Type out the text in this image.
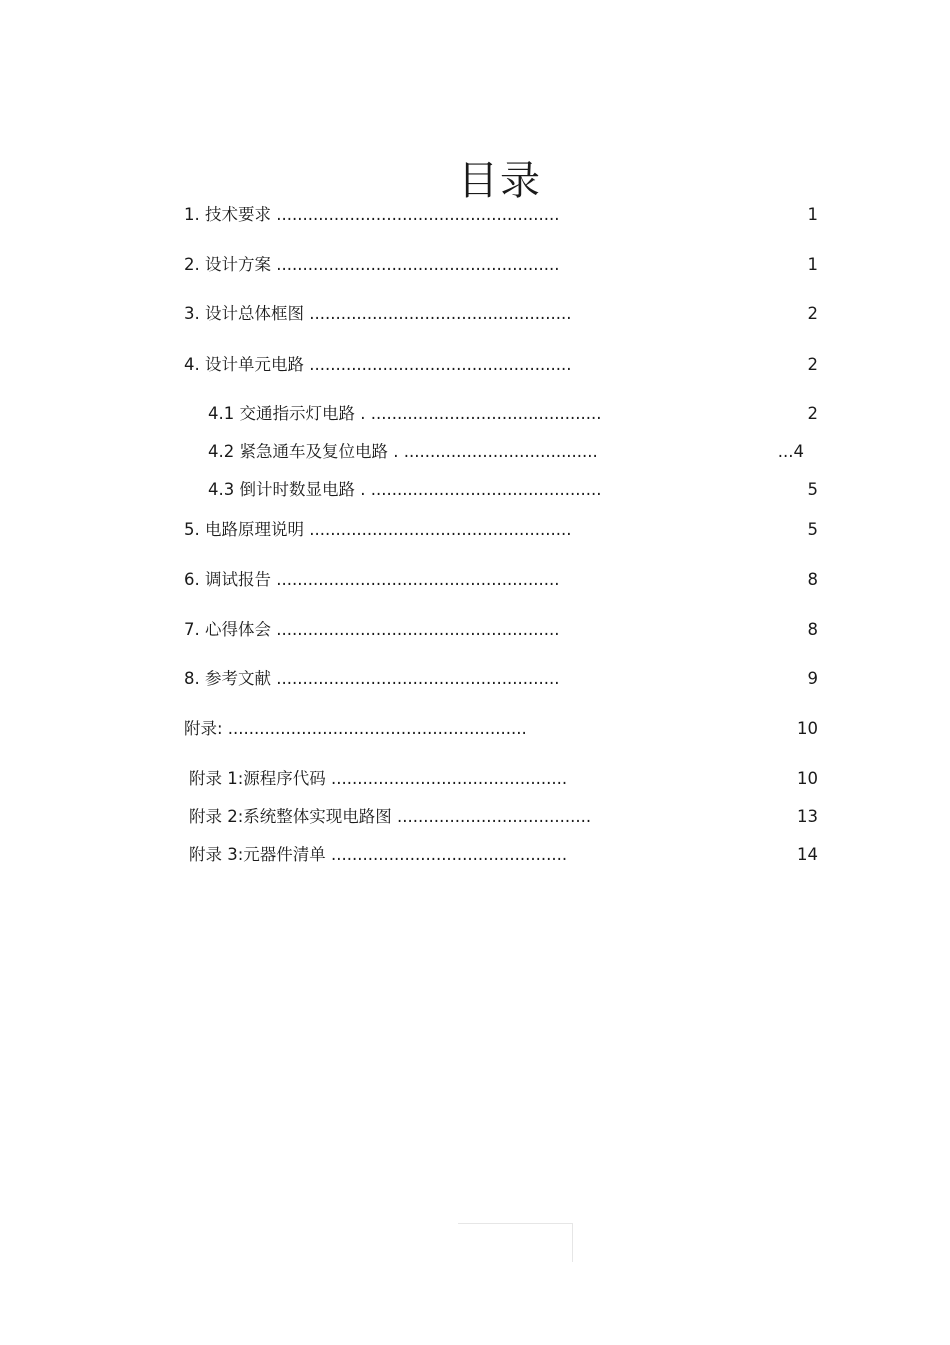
目录
1. 技术要求 ......................................................	1
2. 设计方案 ......................................................	1
3. 设计总体框图 ..................................................	2
4. 设计单元电路 ..................................................	2
4.1 交通指示灯电路 . ............................................	2
4.2 紧急通车及复位电路 . .....................................	...4
4.3 倒计时数显电路 . ............................................	5
5. 电路原理说明 ..................................................	5
6. 调试报告 ......................................................	8
7. 心得体会 ......................................................	8
8. 参考文献 ......................................................	9
附录: .........................................................	10
附录 1:源程序代码 .............................................	10
附录 2:系统整体实现电路图 .....................................	13
附录 3:元器件清单 .............................................	14
